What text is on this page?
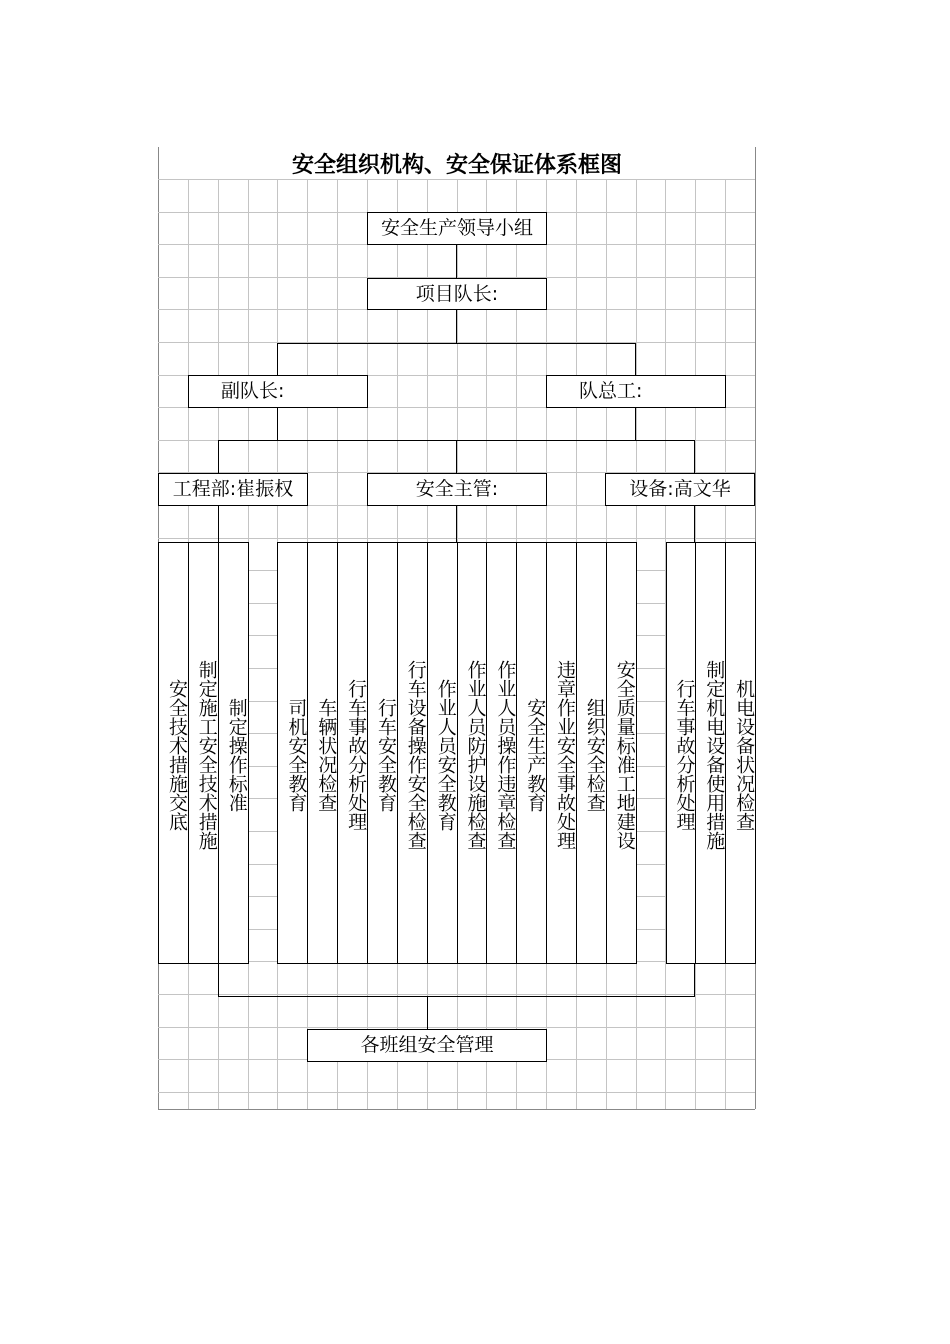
安全组织机构、安全保证体系框图
安全生产领导小组
项目队长:
副队长:	队总工:
工程部:崔振权	安全主管:	设备:高文华
安全技术措施交底 制定施工安全技术措施 制定操作标准	司机安全教育 车辆状况检查 行车事故分析处理 行车安全教育 行车设备操作安全检查 作业人员安全教育 作业人员防护设施检查 作业人员操作违章检查 安全生产教育 违章作业安全事故处理 组织安全检查 安全质量标准工地建设	行车事故分析处理 制定机电设备使用措施 机电设备状况检查
各班组安全管理
